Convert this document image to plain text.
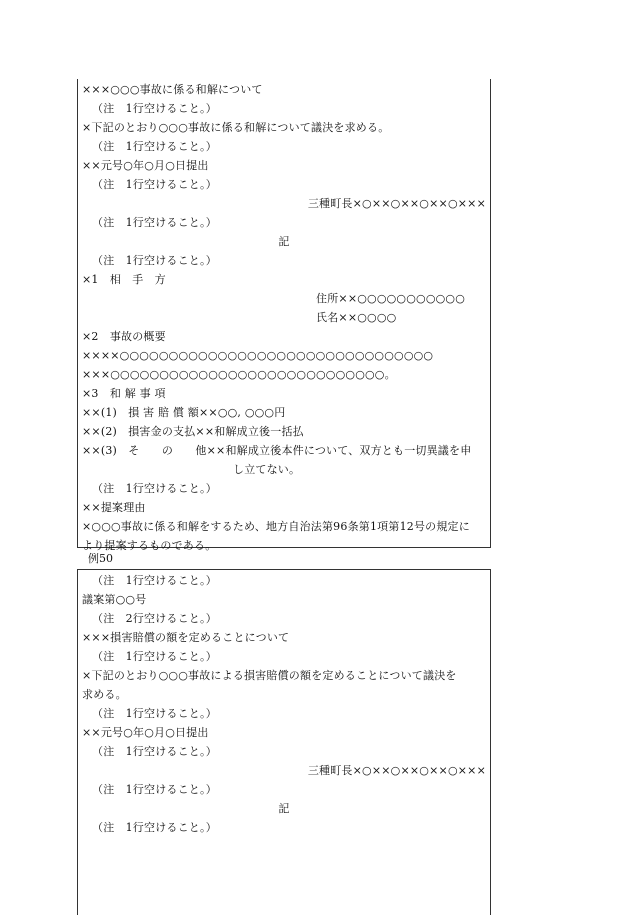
×××○○○事故に係る和解について
（注　1行空けること。）
×下記のとおり○○○事故に係る和解について議決を求める。
（注　1行空けること。）
××元号○年○月○日提出
（注　1行空けること。）
三種町長×○××○××○××○×××
（注　1行空けること。）
記
（注　1行空けること。）
×1　相　手　方
住所××○○○○○○○○○○○
氏名××○○○○
×2　事故の概要
××××○○○○○○○○○○○○○○○○○○○○○○○○○○○○○○○○
×××○○○○○○○○○○○○○○○○○○○○○○○○○○○○。
×3　和 解 事 項
××(1)　損 害 賠 償 額××○○, ○○○円
××(2)　損害金の支払××和解成立後一括払
××(3)　そ　　の　　他××和解成立後本件について、双方とも一切異議を申
し立てない。
（注　1行空けること。）
××提案理由
×○○○事故に係る和解をするため、地方自治法第96条第1項第12号の規定に
より提案するものである。
例50
（注　1行空けること。）
議案第○○号
（注　2行空けること。）
×××損害賠償の額を定めることについて
（注　1行空けること。）
×下記のとおり○○○事故による損害賠償の額を定めることについて議決を
求める。
（注　1行空けること。）
××元号○年○月○日提出
（注　1行空けること。）
三種町長×○××○××○××○×××
（注　1行空けること。）
記
（注　1行空けること。）
